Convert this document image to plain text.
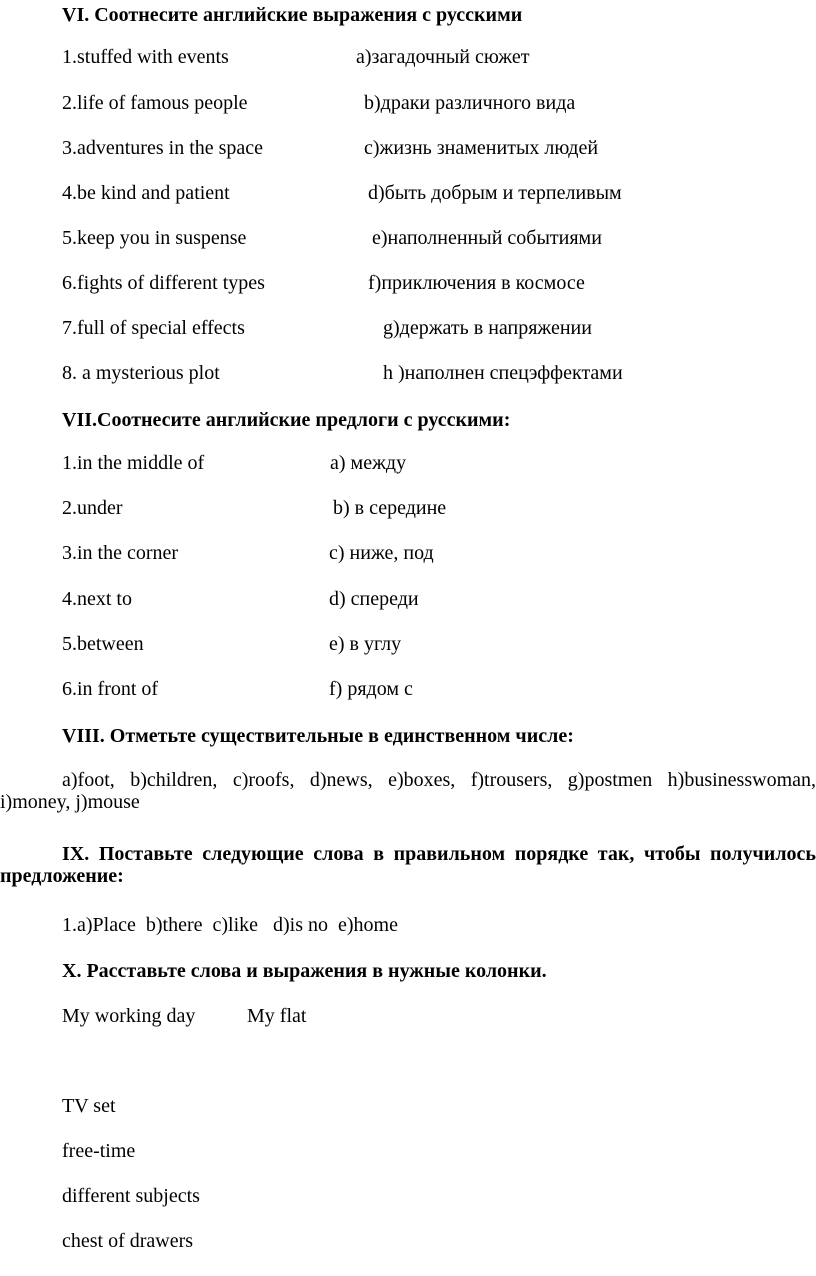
VI. Соотнесите английские выражения с русскими
1.stuffed with events	a)загадочный сюжет
2.life of famous people	b)драки различного вида
3.adventures in the space	c)жизнь знаменитых людей
4.be kind and patient	d)быть добрым и терпеливым
5.keep you in suspense	e)наполненный событиями
6.fights of different types	f)приключения в космосе
7.full of special effects	g)держать в напряжении
8. a mysterious plot	h )наполнен спецэффектами
VII.Соотнесите английские предлоги с русскими:
1.in the middle of	a) между
2.under	b) в середине
3.in the corner	c) ниже, под
4.next to	d) спереди
5.between	e) в углу
6.in front of	f) рядом с
VIII. Отметьте существительные в единственном числе:
a)foot, b)children, c)roofs, d)news, e)boxes, f)trousers, g)postmen h)businesswoman, i)money, j)mouse
IX. Поставьте следующие слова в правильном порядке так, чтобы получилось предложение:
1.a)Place  b)there  c)like   d)is no  e)home
X. Расставьте слова и выражения в нужные колонки.
My working day	My flat
TV set
free-time
different subjects
chest of drawers
